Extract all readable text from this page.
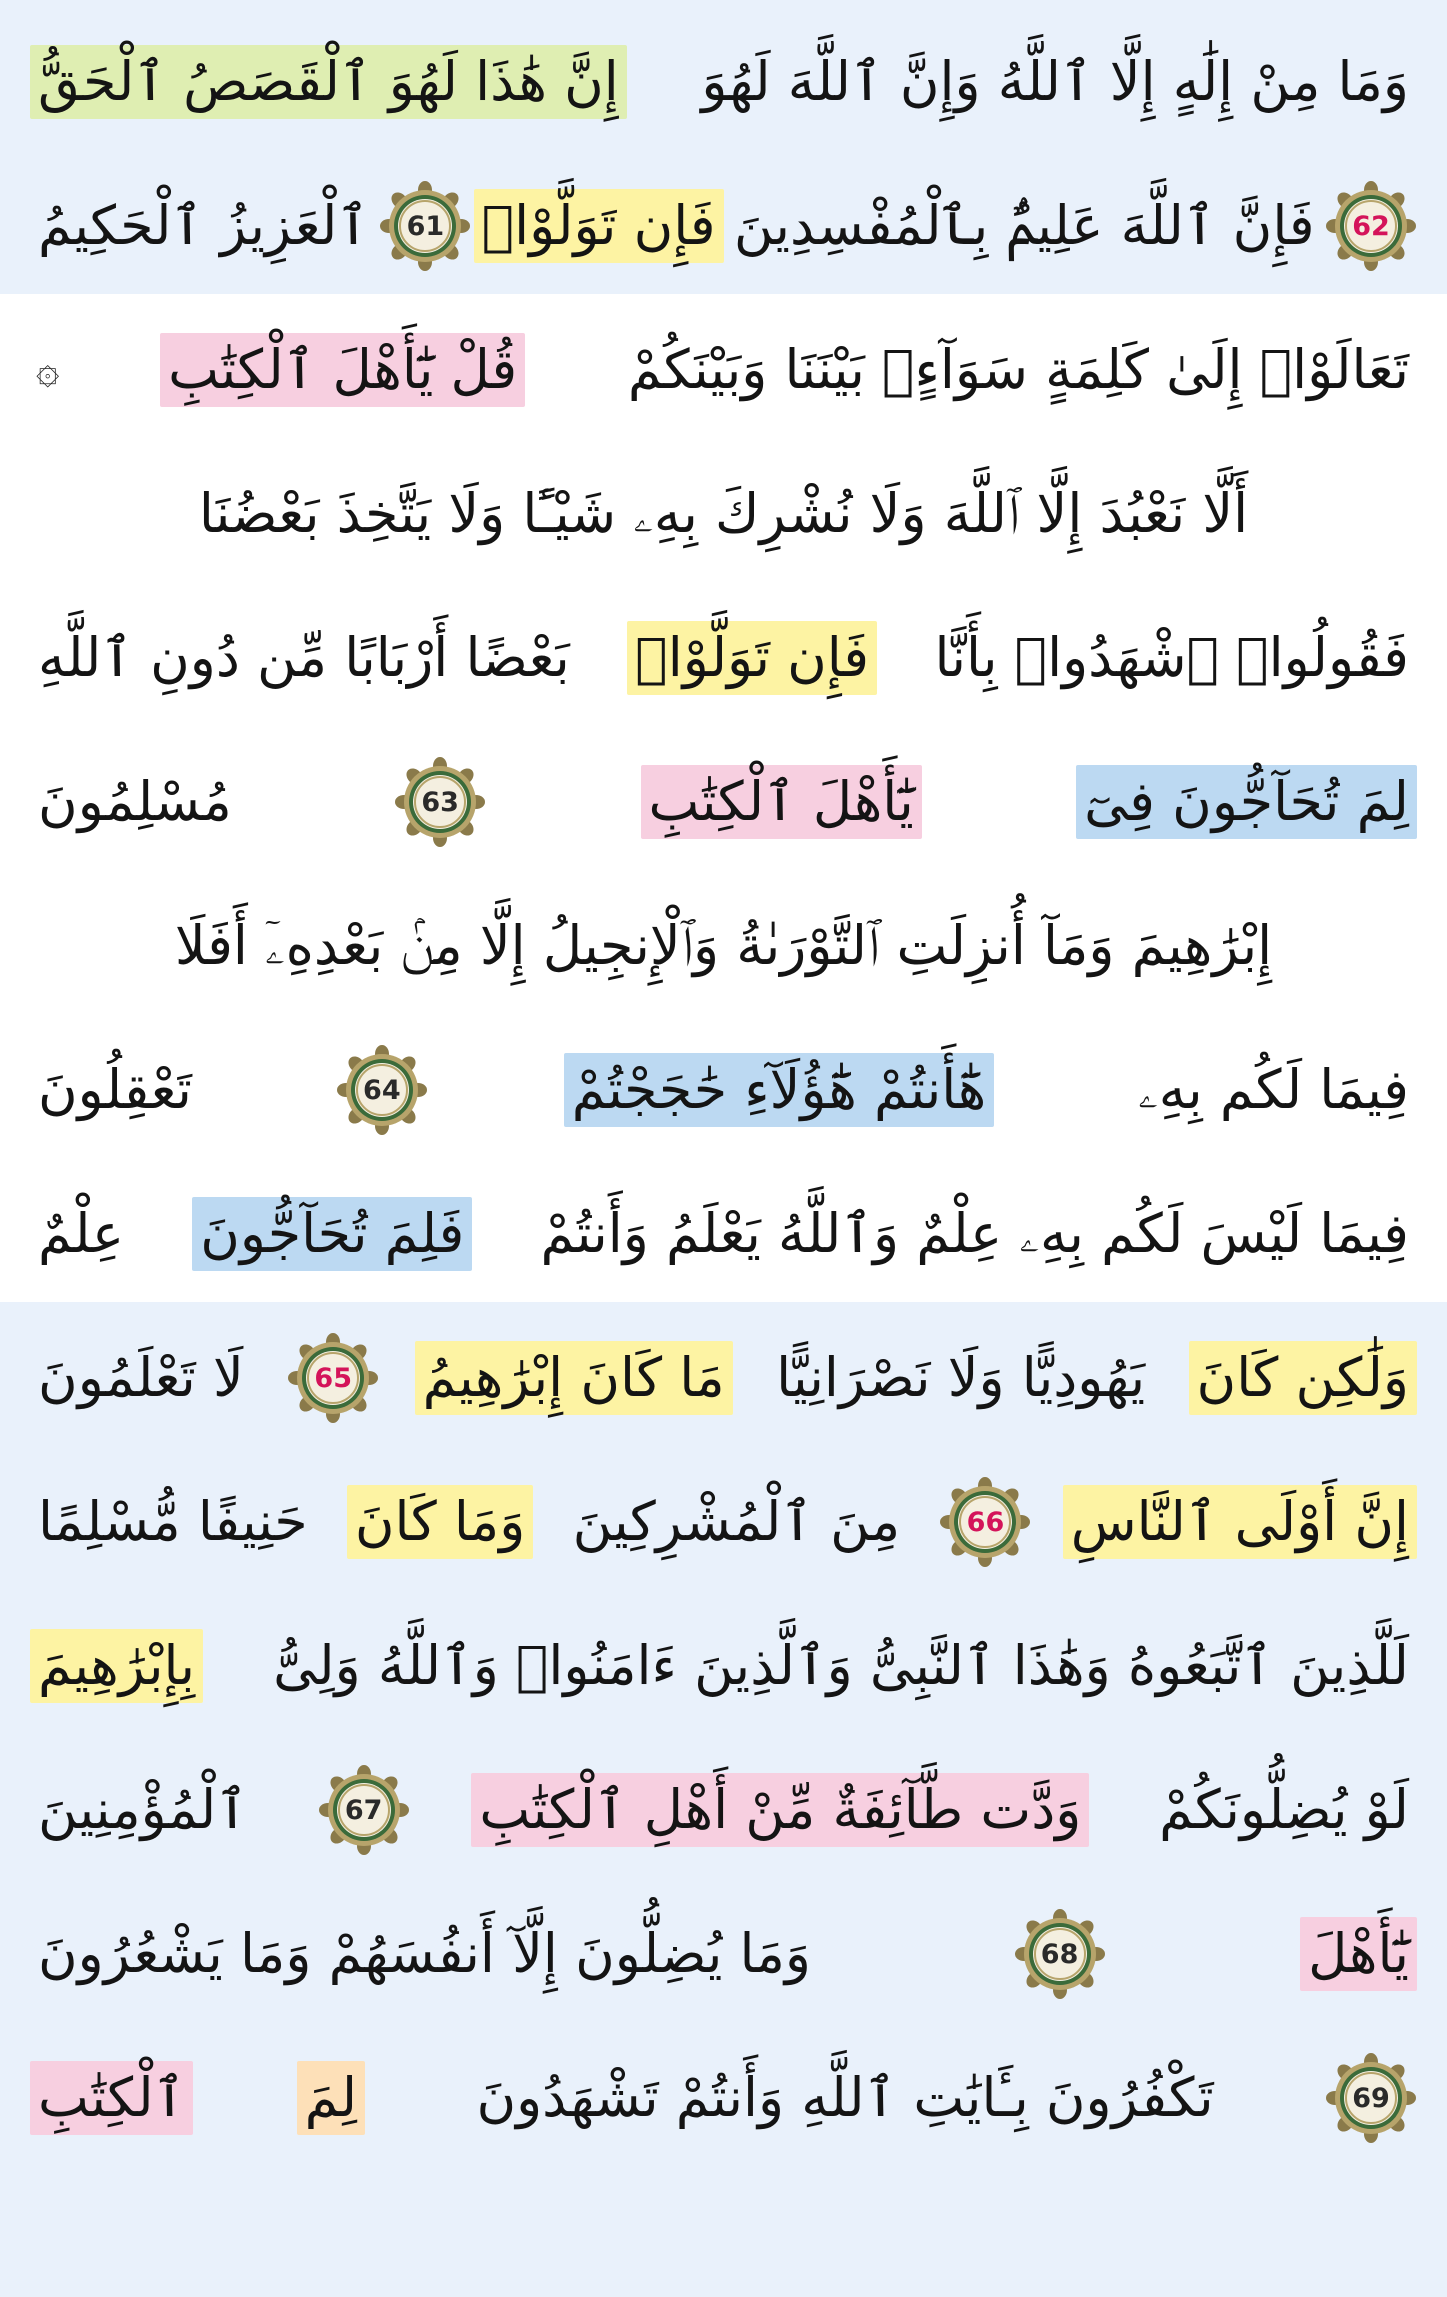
إِنَّ هَٰذَا لَهُوَ ٱلْقَصَصُ ٱلْحَقُّ وَمَا مِنْ إِلَٰهٍ إِلَّا ٱللَّهُ وَإِنَّ ٱللَّهَ لَهُوَ
ٱلْعَزِيزُ ٱلْحَكِيمُ 61 فَإِن تَوَلَّوْا۟ فَإِنَّ ٱللَّهَ عَلِيمٌۢ بِٱلْمُفْسِدِينَ 62
۞ قُلْ يَٰٓأَهْلَ ٱلْكِتَٰبِ تَعَالَوْا۟ إِلَىٰ كَلِمَةٍ سَوَآءٍۭ بَيْنَنَا وَبَيْنَكُمْ
أَلَّا نَعْبُدَ إِلَّا ٱللَّهَ وَلَا نُشْرِكَ بِهِۦ شَيْـًٔا وَلَا يَتَّخِذَ بَعْضُنَا
بَعْضًا أَرْبَابًا مِّن دُونِ ٱللَّهِ فَإِن تَوَلَّوْا۟ فَقُولُوا۟ ٱشْهَدُوا۟ بِأَنَّا
مُسْلِمُونَ	63	يَٰٓأَهْلَ ٱلْكِتَٰبِ	لِمَ تُحَآجُّونَ فِىٓ
إِبْرَٰهِيمَ وَمَآ أُنزِلَتِ ٱلتَّوْرَىٰةُ وَٱلْإِنجِيلُ إِلَّا مِنۢ بَعْدِهِۦٓ أَفَلَا
تَعْقِلُونَ	64	هَٰٓأَنتُمْ هَٰٓؤُلَآءِ حَٰجَجْتُمْ	فِيمَا لَكُم بِهِۦ
عِلْمٌ فَلِمَ تُحَآجُّونَ فِيمَا لَيْسَ لَكُم بِهِۦ عِلْمٌ وَٱللَّهُ يَعْلَمُ وَأَنتُمْ
لَا تَعْلَمُونَ	65 مَا كَانَ إِبْرَٰهِيمُ يَهُودِيًّا وَلَا نَصْرَانِيًّا وَلَٰكِن كَانَ
حَنِيفًا مُّسْلِمًا وَمَا كَانَ مِنَ ٱلْمُشْرِكِينَ 66 إِنَّ أَوْلَى ٱلنَّاسِ
بِإِبْرَٰهِيمَ لَلَّذِينَ ٱتَّبَعُوهُ وَهَٰذَا ٱلنَّبِىُّ وَٱلَّذِينَ ءَامَنُوا۟ وَٱللَّهُ وَلِىُّ
ٱلْمُؤْمِنِينَ	67 وَدَّت طَّآئِفَةٌ مِّنْ أَهْلِ ٱلْكِتَٰبِ لَوْ يُضِلُّونَكُمْ
وَمَا يُضِلُّونَ إِلَّآ أَنفُسَهُمْ وَمَا يَشْعُرُونَ	68	يَٰٓأَهْلَ
ٱلْكِتَٰبِ لِمَ تَكْفُرُونَ بِـَٔايَٰتِ ٱللَّهِ وَأَنتُمْ تَشْهَدُونَ	69
